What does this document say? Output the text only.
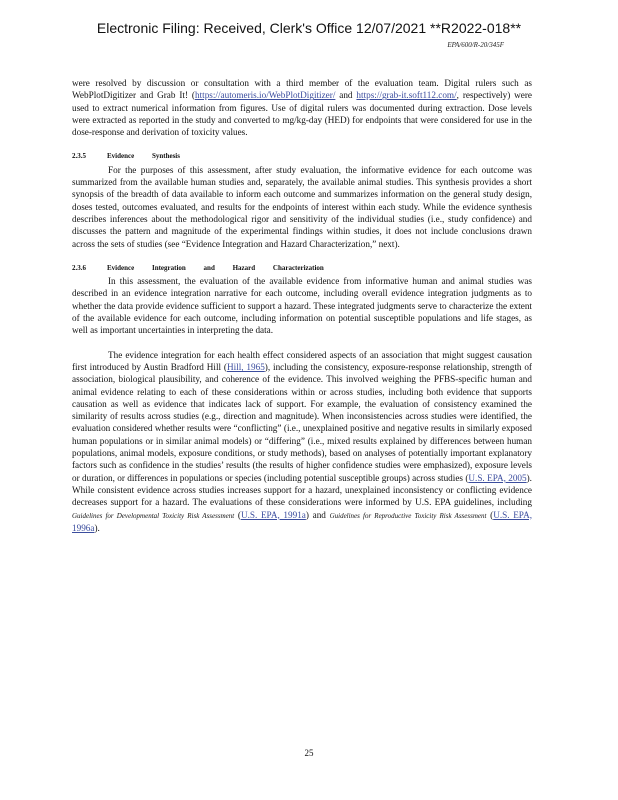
Electronic Filing: Received, Clerk's Office 12/07/2021 **R2022-018**
EPA/600/R-20/345F

were resolved by discussion or consultation with a third member of the evaluation team. Digital rulers such as WebPlotDigitizer and Grab It! (https://automeris.io/WebPlotDigitizer/ and https://grab-it.soft112.com/, respectively) were used to extract numerical information from figures. Use of digital rulers was documented during extraction. Dose levels were extracted as reported in the study and converted to mg/kg-day (HED) for endpoints that were considered for use in the dose-response and derivation of toxicity values.

2.3.5	Evidence Synthesis

For the purposes of this assessment, after study evaluation, the informative evidence for each outcome was summarized from the available human studies and, separately, the available animal studies. This synthesis provides a short synopsis of the breadth of data available to inform each outcome and summarizes information on the general study design, doses tested, outcomes evaluated, and results for the endpoints of interest within each study. While the evidence synthesis describes inferences about the methodological rigor and sensitivity of the individual studies (i.e., study confidence) and discusses the pattern and magnitude of the experimental findings within studies, it does not include conclusions drawn across the sets of studies (see “Evidence Integration and Hazard Characterization,” next).

2.3.6	Evidence Integration and Hazard Characterization

In this assessment, the evaluation of the available evidence from informative human and animal studies was described in an evidence integration narrative for each outcome, including overall evidence integration judgments as to whether the data provide evidence sufficient to support a hazard. These integrated judgments serve to characterize the extent of the available evidence for each outcome, including information on potential susceptible populations and life stages, as well as important uncertainties in interpreting the data.

The evidence integration for each health effect considered aspects of an association that might suggest causation first introduced by Austin Bradford Hill (Hill, 1965), including the consistency, exposure-response relationship, strength of association, biological plausibility, and coherence of the evidence. This involved weighing the PFBS-specific human and animal evidence relating to each of these considerations within or across studies, including both evidence that supports causation as well as evidence that indicates lack of support. For example, the evaluation of consistency examined the similarity of results across studies (e.g., direction and magnitude). When inconsistencies across studies were identified, the evaluation considered whether results were “conflicting” (i.e., unexplained positive and negative results in similarly exposed human populations or in similar animal models) or “differing” (i.e., mixed results explained by differences between human populations, animal models, exposure conditions, or study methods), based on analyses of potentially important explanatory factors such as confidence in the studies’ results (the results of higher confidence studies were emphasized), exposure levels or duration, or differences in populations or species (including potential susceptible groups) across studies (U.S. EPA, 2005). While consistent evidence across studies increases support for a hazard, unexplained inconsistency or conflicting evidence decreases support for a hazard. The evaluations of these considerations were informed by U.S. EPA guidelines, including Guidelines for Developmental Toxicity Risk Assessment (U.S. EPA, 1991a) and Guidelines for Reproductive Toxicity Risk Assessment (U.S. EPA, 1996a).

25
